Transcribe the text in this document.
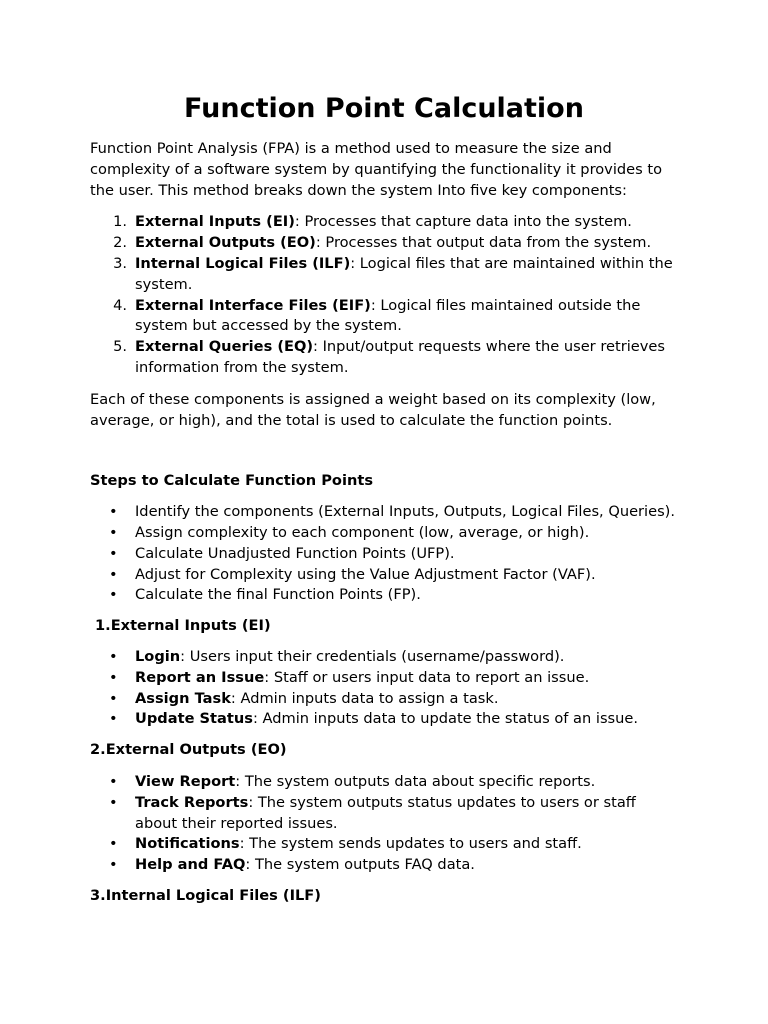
Function Point Calculation

Function Point Analysis (FPA) is a method used to measure the size and complexity of a software system by quantifying the functionality it provides to the user. This method breaks down the system Into five key components:

1. External Inputs (EI): Processes that capture data into the system.
2. External Outputs (EO): Processes that output data from the system.
3. Internal Logical Files (ILF): Logical files that are maintained within the system.
4. External Interface Files (EIF): Logical files maintained outside the system but accessed by the system.
5. External Queries (EQ): Input/output requests where the user retrieves information from the system.

Each of these components is assigned a weight based on its complexity (low, average, or high), and the total is used to calculate the function points.

Steps to Calculate Function Points

• Identify the components (External Inputs, Outputs, Logical Files, Queries).
• Assign complexity to each component (low, average, or high).
• Calculate Unadjusted Function Points (UFP).
• Adjust for Complexity using the Value Adjustment Factor (VAF).
• Calculate the final Function Points (FP).

1.External Inputs (EI)

• Login: Users input their credentials (username/password).
• Report an Issue: Staff or users input data to report an issue.
• Assign Task: Admin inputs data to assign a task.
• Update Status: Admin inputs data to update the status of an issue.

2.External Outputs (EO)

• View Report: The system outputs data about specific reports.
• Track Reports: The system outputs status updates to users or staff about their reported issues.
• Notifications: The system sends updates to users and staff.
• Help and FAQ: The system outputs FAQ data.

3.Internal Logical Files (ILF)
